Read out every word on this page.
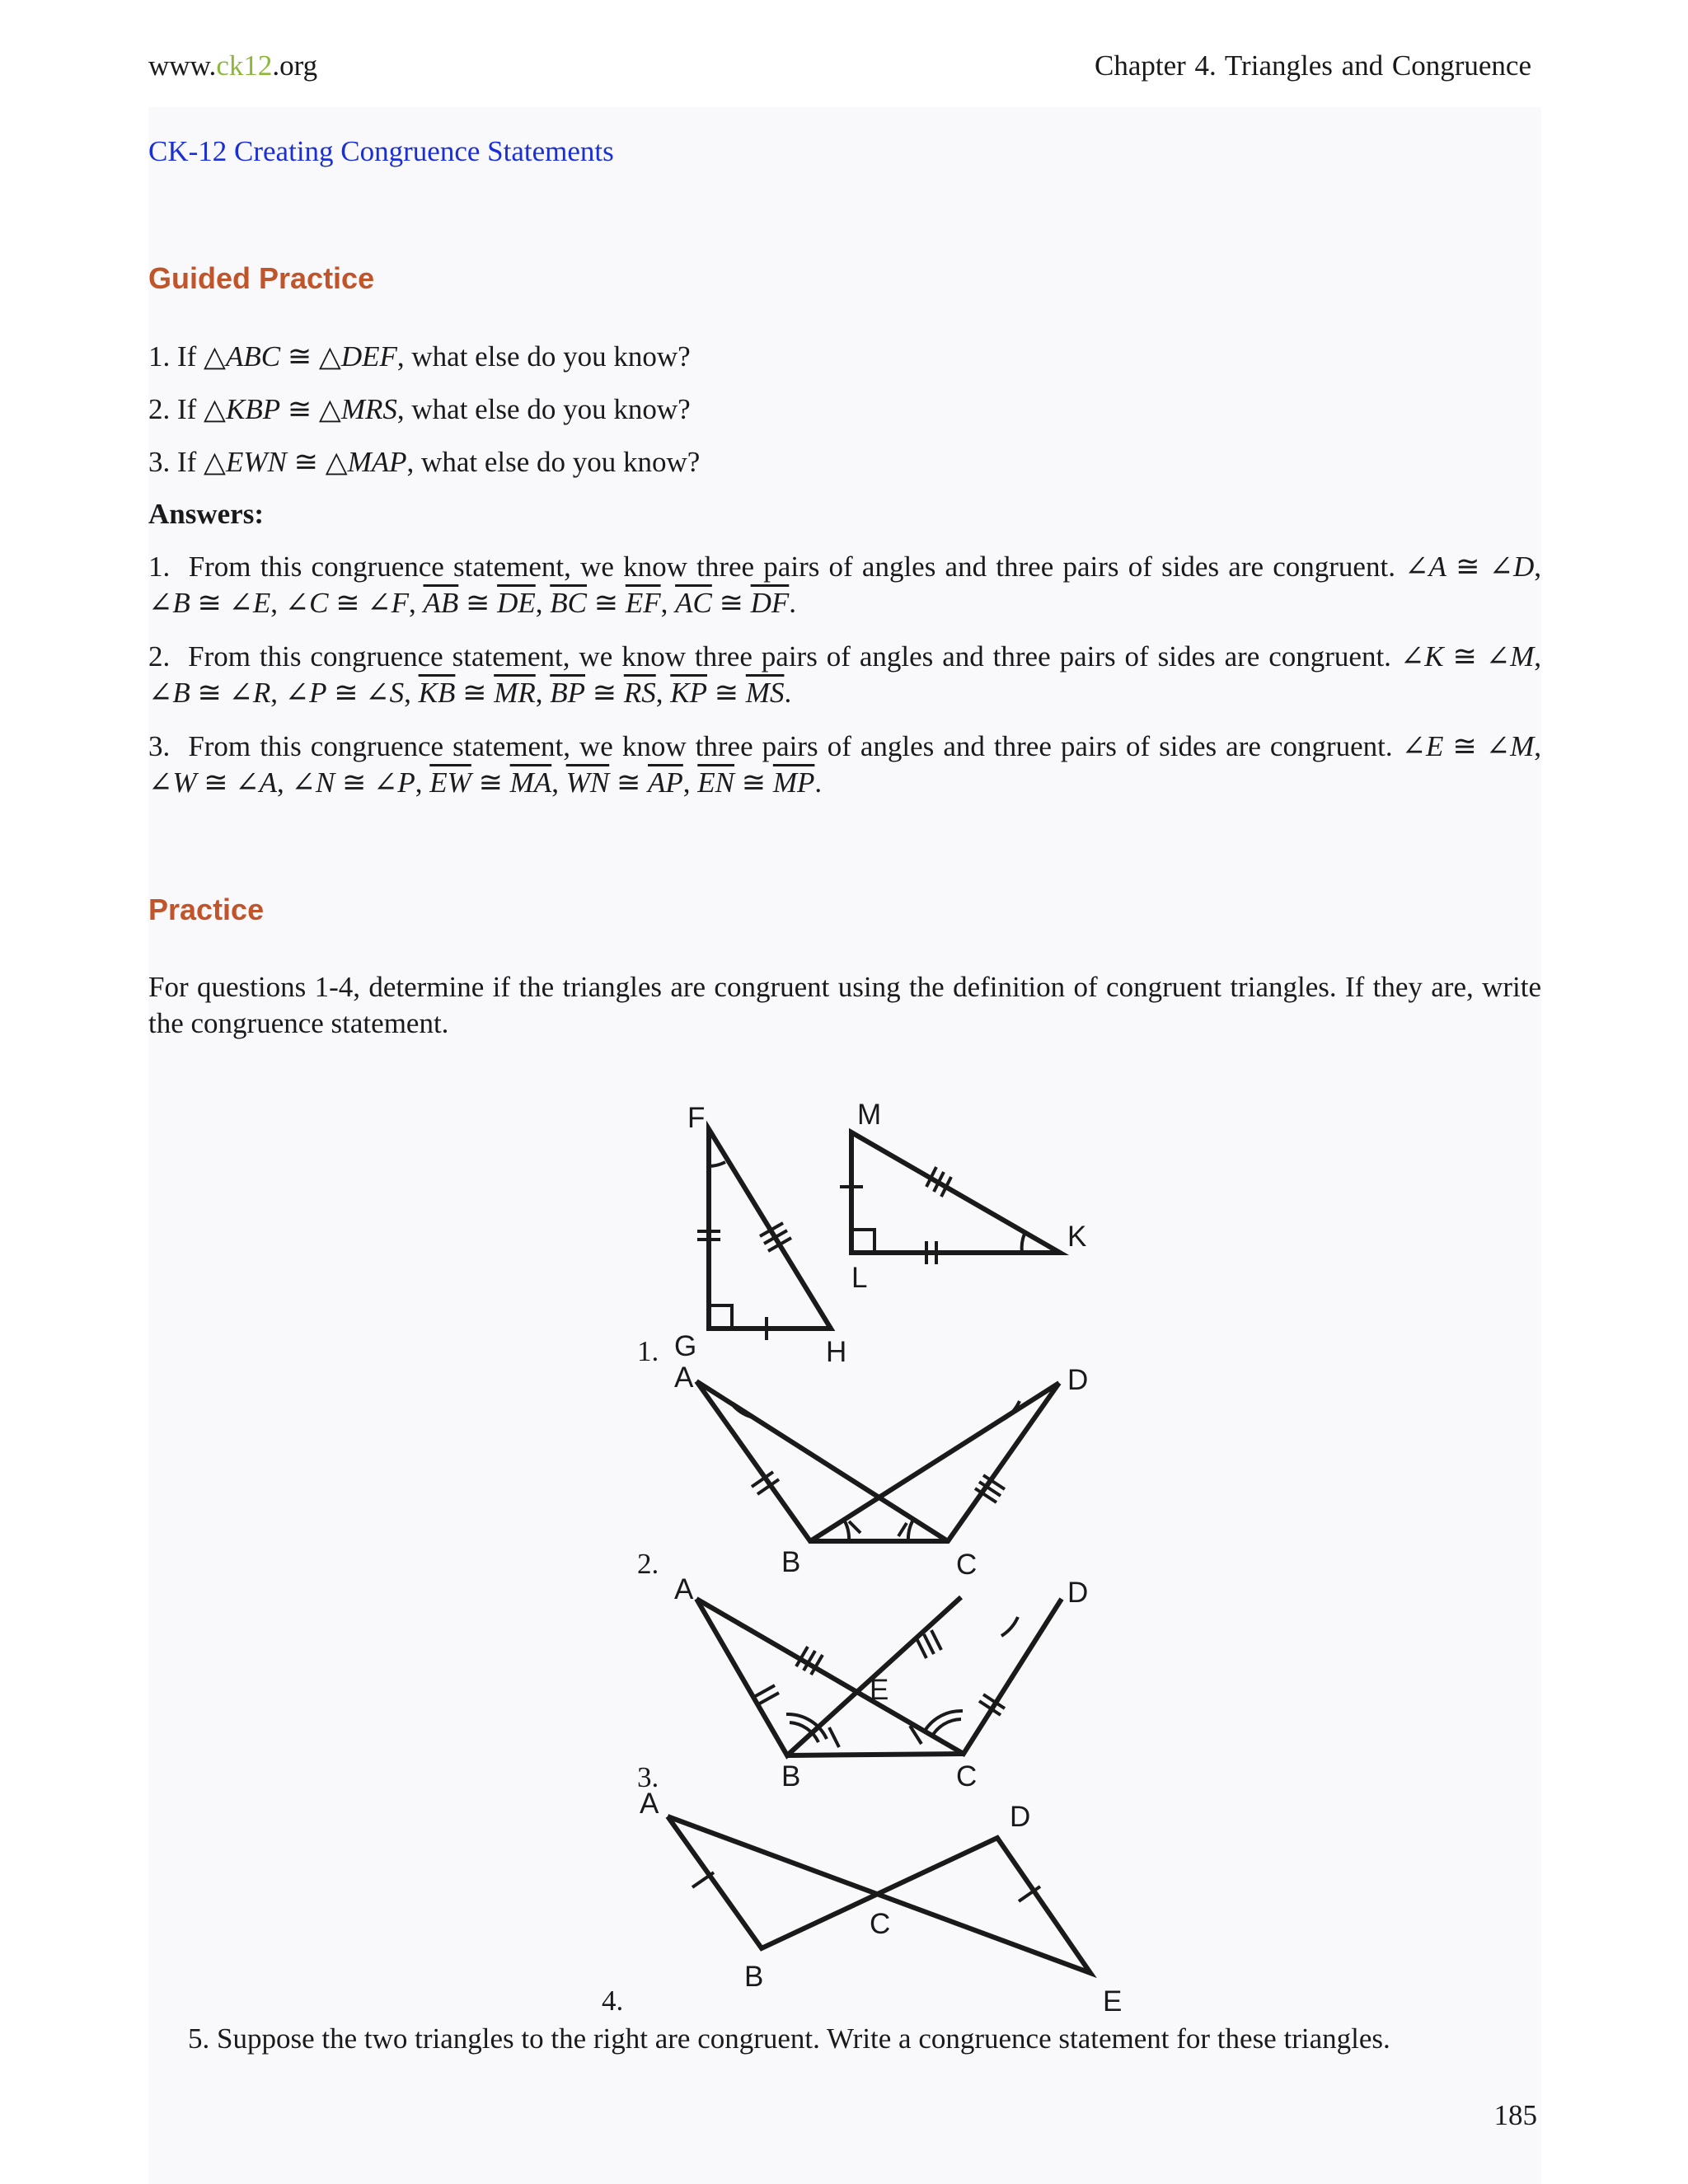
www.ck12.org	Chapter 4. Triangles and Congruence
CK-12 Creating Congruence Statements
Guided Practice
1. If △ABC ≅ △DEF, what else do you know?
2. If △KBP ≅ △MRS, what else do you know?
3. If △EWN ≅ △MAP, what else do you know?
Answers:
1. From this congruence statement, we know three pairs of angles and three pairs of sides are congruent. ∠A ≅ ∠D, ∠B ≅ ∠E, ∠C ≅ ∠F, $\overline{AB}$ ≅ $\overline{DE}$, $\overline{BC}$ ≅ $\overline{EF}$, $\overline{AC}$ ≅ $\overline{DF}$.
2. From this congruence statement, we know three pairs of angles and three pairs of sides are congruent. ∠K ≅ ∠M, ∠B ≅ ∠R, ∠P ≅ ∠S, $\overline{KB}$ ≅ $\overline{MR}$, $\overline{BP}$ ≅ $\overline{RS}$, $\overline{KP}$ ≅ $\overline{MS}$.
3. From this congruence statement, we know three pairs of angles and three pairs of sides are congruent. ∠E ≅ ∠M, ∠W ≅ ∠A, ∠N ≅ ∠P, $\overline{EW}$ ≅ $\overline{MA}$, $\overline{WN}$ ≅ $\overline{AP}$, $\overline{EN}$ ≅ $\overline{MP}$.
Practice
For questions 1-4, determine if the triangles are congruent using the definition of congruent triangles. If they are, write the congruence statement.
1.
2.
3.
4.
F
G	H
M
L
K
A	D
B	C
A	D
E
B	C
A	D
C
B
E
5. Suppose the two triangles to the right are congruent. Write a congruence statement for these triangles.
185
